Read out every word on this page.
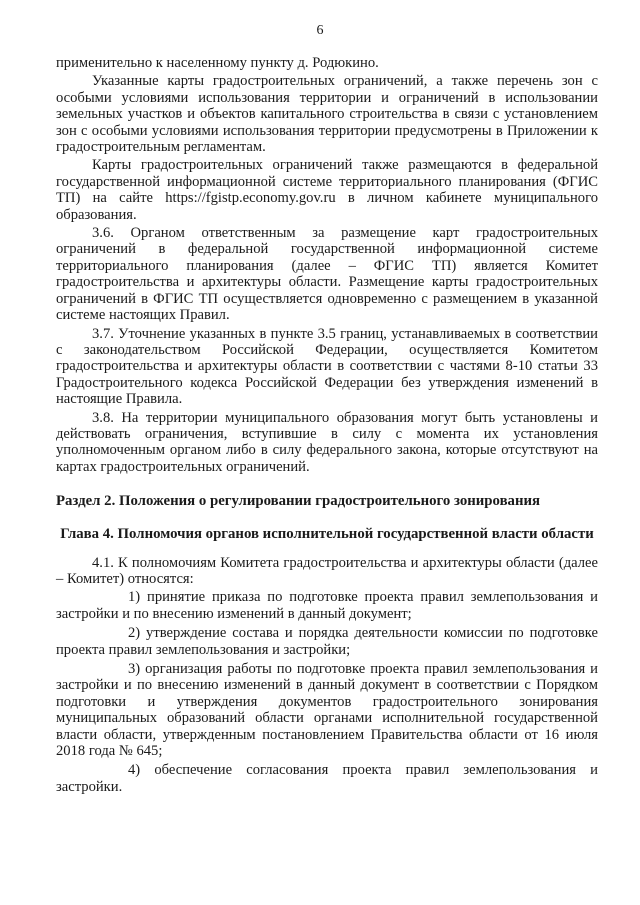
6

применительно к населенному пункту д. Родюкино.

Указанные карты градостроительных ограничений, а также перечень зон с особыми условиями использования территории и ограничений в использовании земельных участков и объектов капитального строительства в связи с установлением зон с особыми условиями использования территории предусмотрены в Приложении к градостроительным регламентам.

Карты градостроительных ограничений также размещаются в федеральной государственной информационной системе территориального планирования (ФГИС ТП) на сайте https://fgistp.economy.gov.ru в личном кабинете муниципального образования.

3.6. Органом ответственным за размещение карт градостроительных ограничений в федеральной государственной информационной системе территориального планирования (далее – ФГИС ТП) является Комитет градостроительства и архитектуры области. Размещение карты градостроительных ограничений в ФГИС ТП осуществляется одновременно с размещением в указанной системе настоящих Правил.

3.7. Уточнение указанных в пункте 3.5 границ, устанавливаемых в соответствии с законодательством Российской Федерации, осуществляется Комитетом градостроительства и архитектуры области в соответствии с частями 8-10 статьи 33 Градостроительного кодекса Российской Федерации без утверждения изменений в настоящие Правила.

3.8. На территории муниципального образования могут быть установлены и действовать ограничения, вступившие в силу с момента их установления уполномоченным органом либо в силу федерального закона, которые отсутствуют на картах градостроительных ограничений.

Раздел 2. Положения о регулировании градостроительного зонирования

Глава 4. Полномочия органов исполнительной государственной власти области

4.1. К полномочиям Комитета градостроительства и архитектуры области (далее – Комитет) относятся:

1) принятие приказа по подготовке проекта правил землепользования и застройки и по внесению изменений в данный документ;

2) утверждение состава и порядка деятельности комиссии по подготовке проекта правил землепользования и застройки;

3) организация работы по подготовке проекта правил землепользования и застройки и по внесению изменений в данный документ в соответствии с Порядком подготовки и утверждения документов градостроительного зонирования муниципальных образований области органами исполнительной государственной власти области, утвержденным постановлением Правительства области от 16 июля 2018 года № 645;

4) обеспечение согласования проекта правил землепользования и застройки.
